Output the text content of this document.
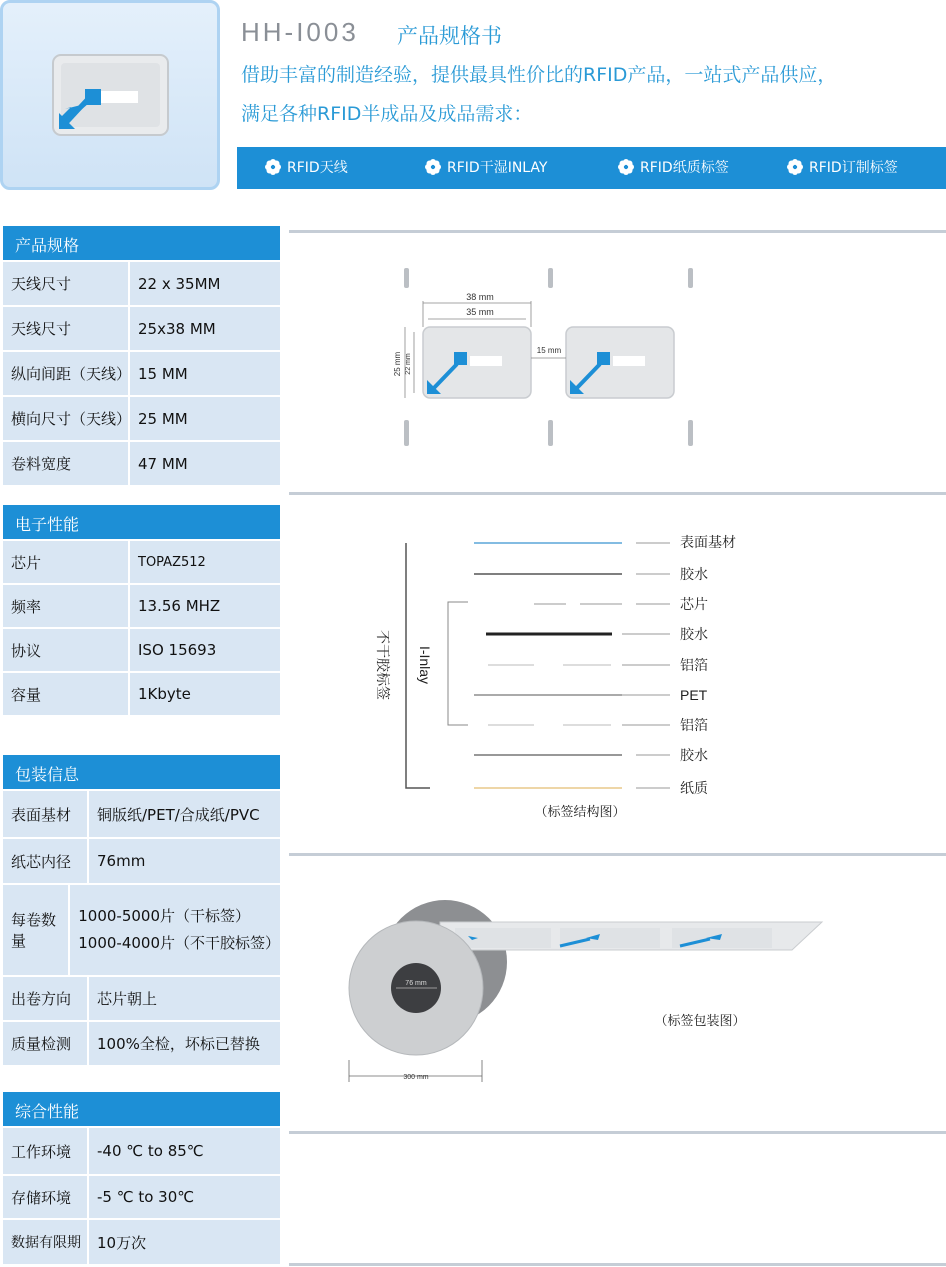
HH-I003 产品规格书
借助丰富的制造经验，提供最具性价比的RFID产品，一站式产品供应，
满足各种RFID半成品及成品需求：
RFID天线	RFID干湿INLAY	RFID纸质标签	RFID订制标签
产品规格
天线尺寸	22 x 35MM
天线尺寸	25x38 MM
纵向间距（天线） 15 MM
横向尺寸（天线） 25 MM
卷料宽度	47 MM
电子性能
芯片	TOPAZ512
频率	13.56 MHZ
协议	ISO 15693
容量	1Kbyte
包装信息
表面基材	铜版纸/PET/合成纸/PVC
纸芯内径	76mm
每卷数量
1000-5000片（干标签）
1000-4000片（不干胶标签）
出卷方向	芯片朝上
质量检测	100%全检，坏标已替换
综合性能
工作环境	-40 ℃ to 85℃
存储环境	-5 ℃ to 30℃
数据有限期	10万次
38 mm
35 mm
25 mm 22 mm
15 mm
表面基材
胶水
芯片
胶水
铝箔
PET
铝箔
胶水
纸质
不干胶标签 I-Inlay
（标签结构图）
76 mm
300 mm
（标签包装图）
